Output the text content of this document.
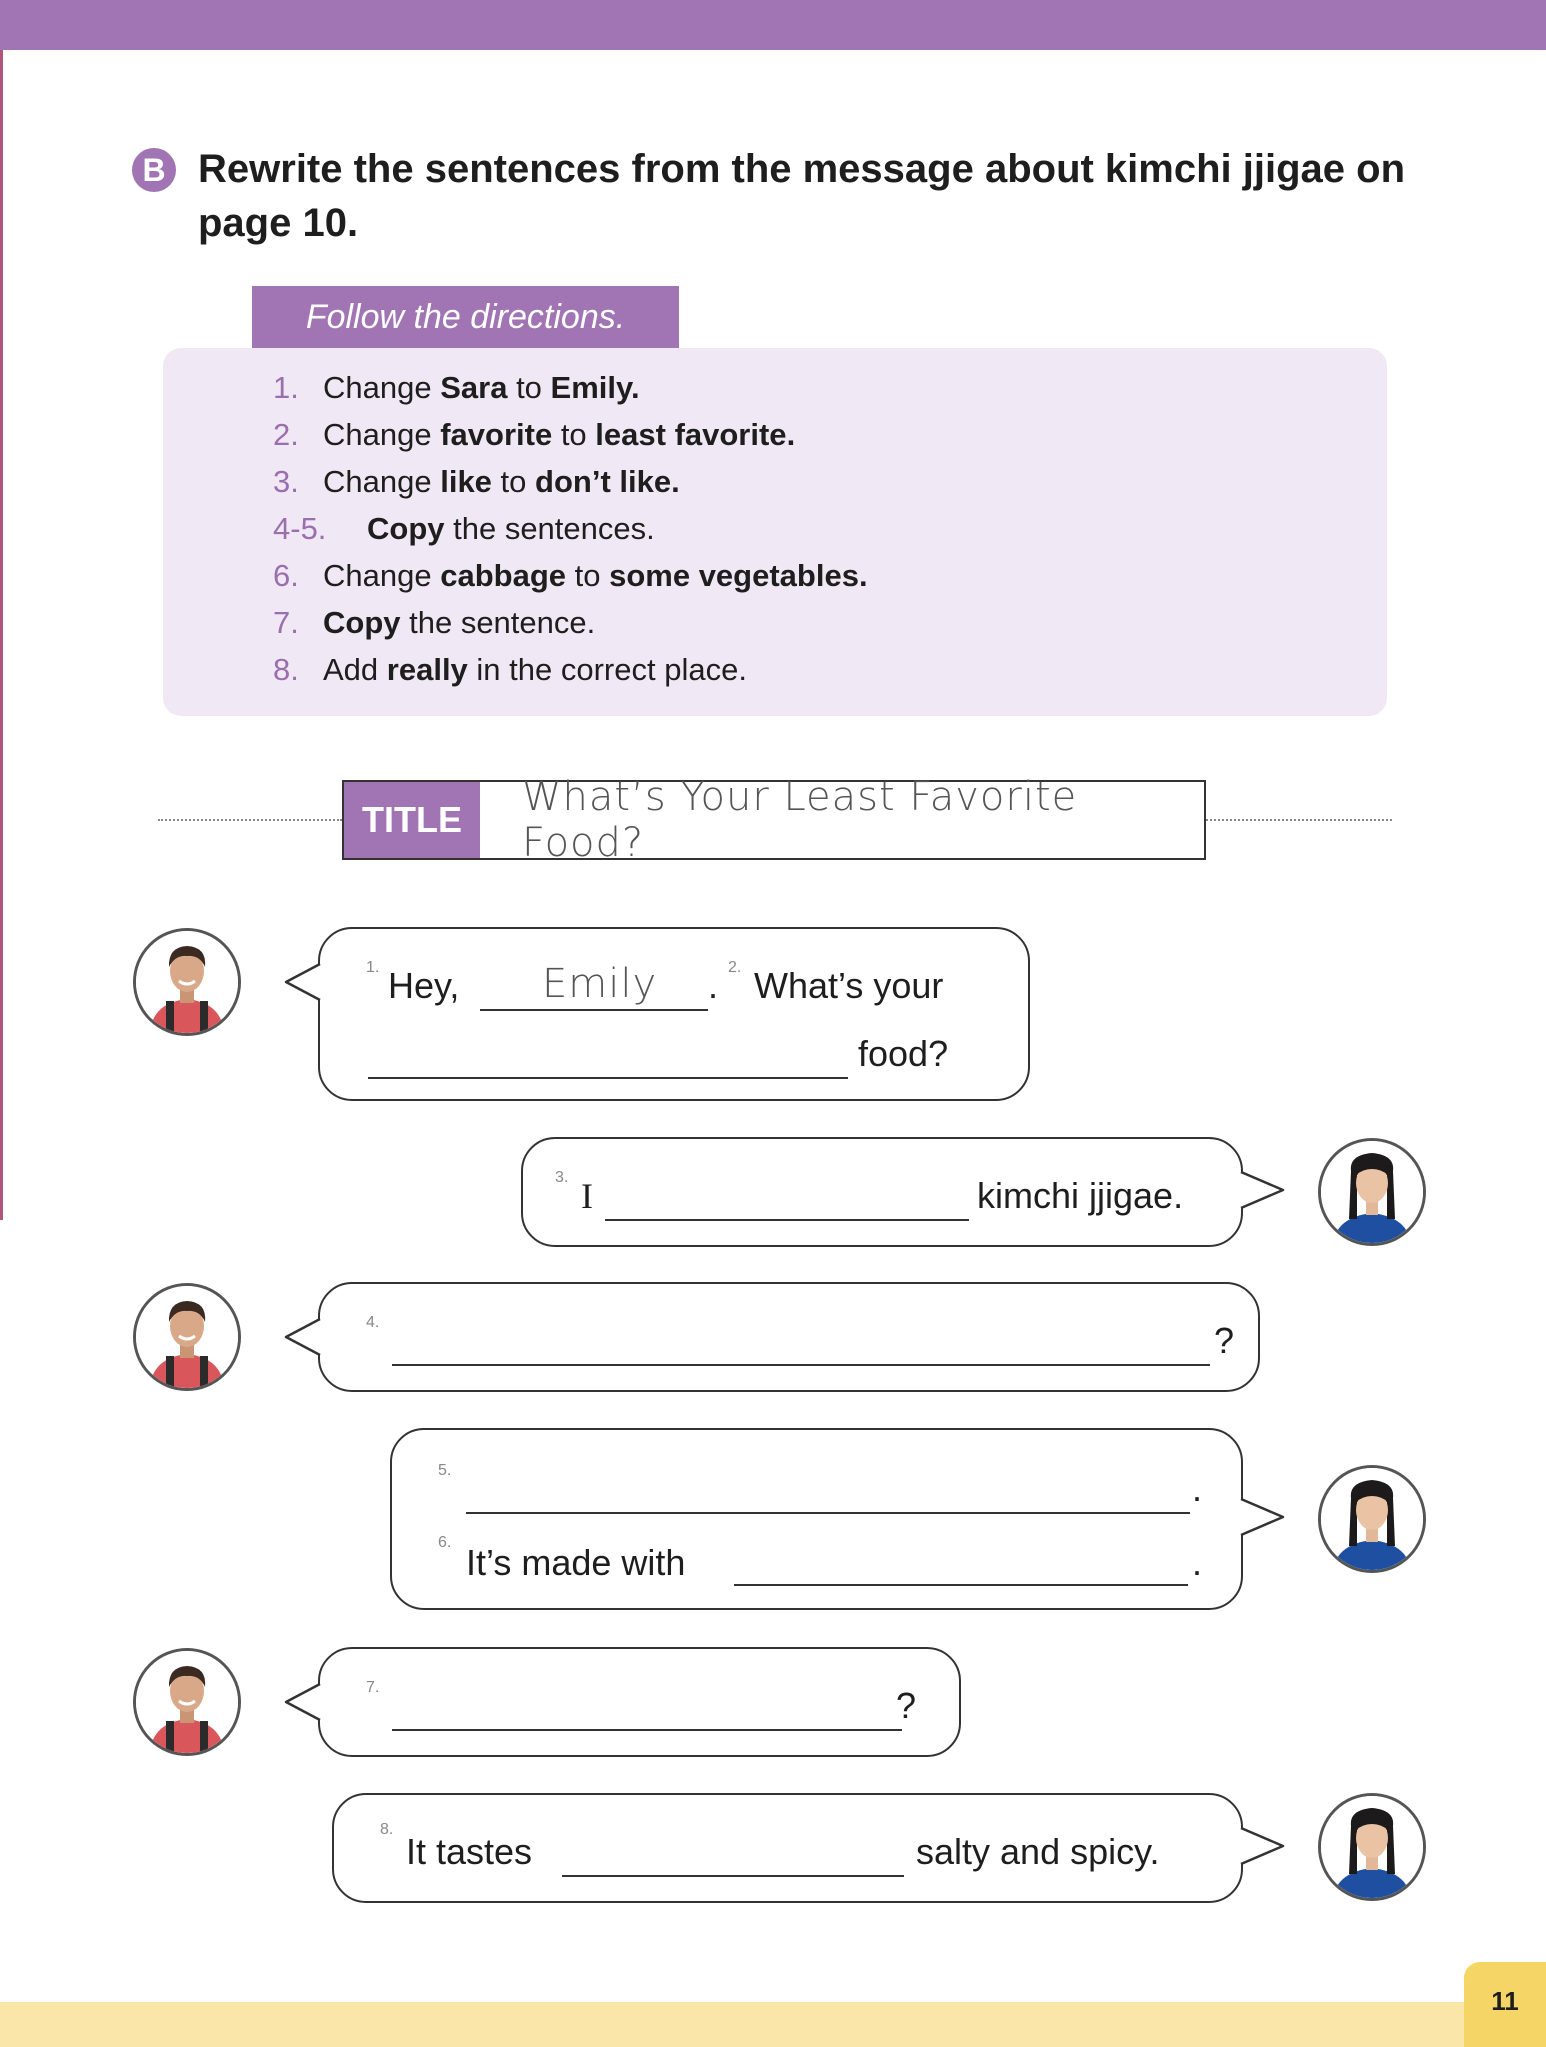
B Rewrite the sentences from the message about kimchi jjigae on page 10.
Follow the directions.
1. Change Sara to Emily.
2. Change favorite to least favorite.
3. Change like to don’t like.
4-5. Copy the sentences.
6. Change cabbage to some vegetables.
7. Copy the sentence.
8. Add really in the correct place.
TITLE	What’s Your Least Favorite Food?
1. Hey, Emily . 2. What’s your
food?
3. I	kimchi jjigae.
4.	?
5.	.
6. It’s made with	.
7.	?
8.
It tastes	salty and spicy.
11
